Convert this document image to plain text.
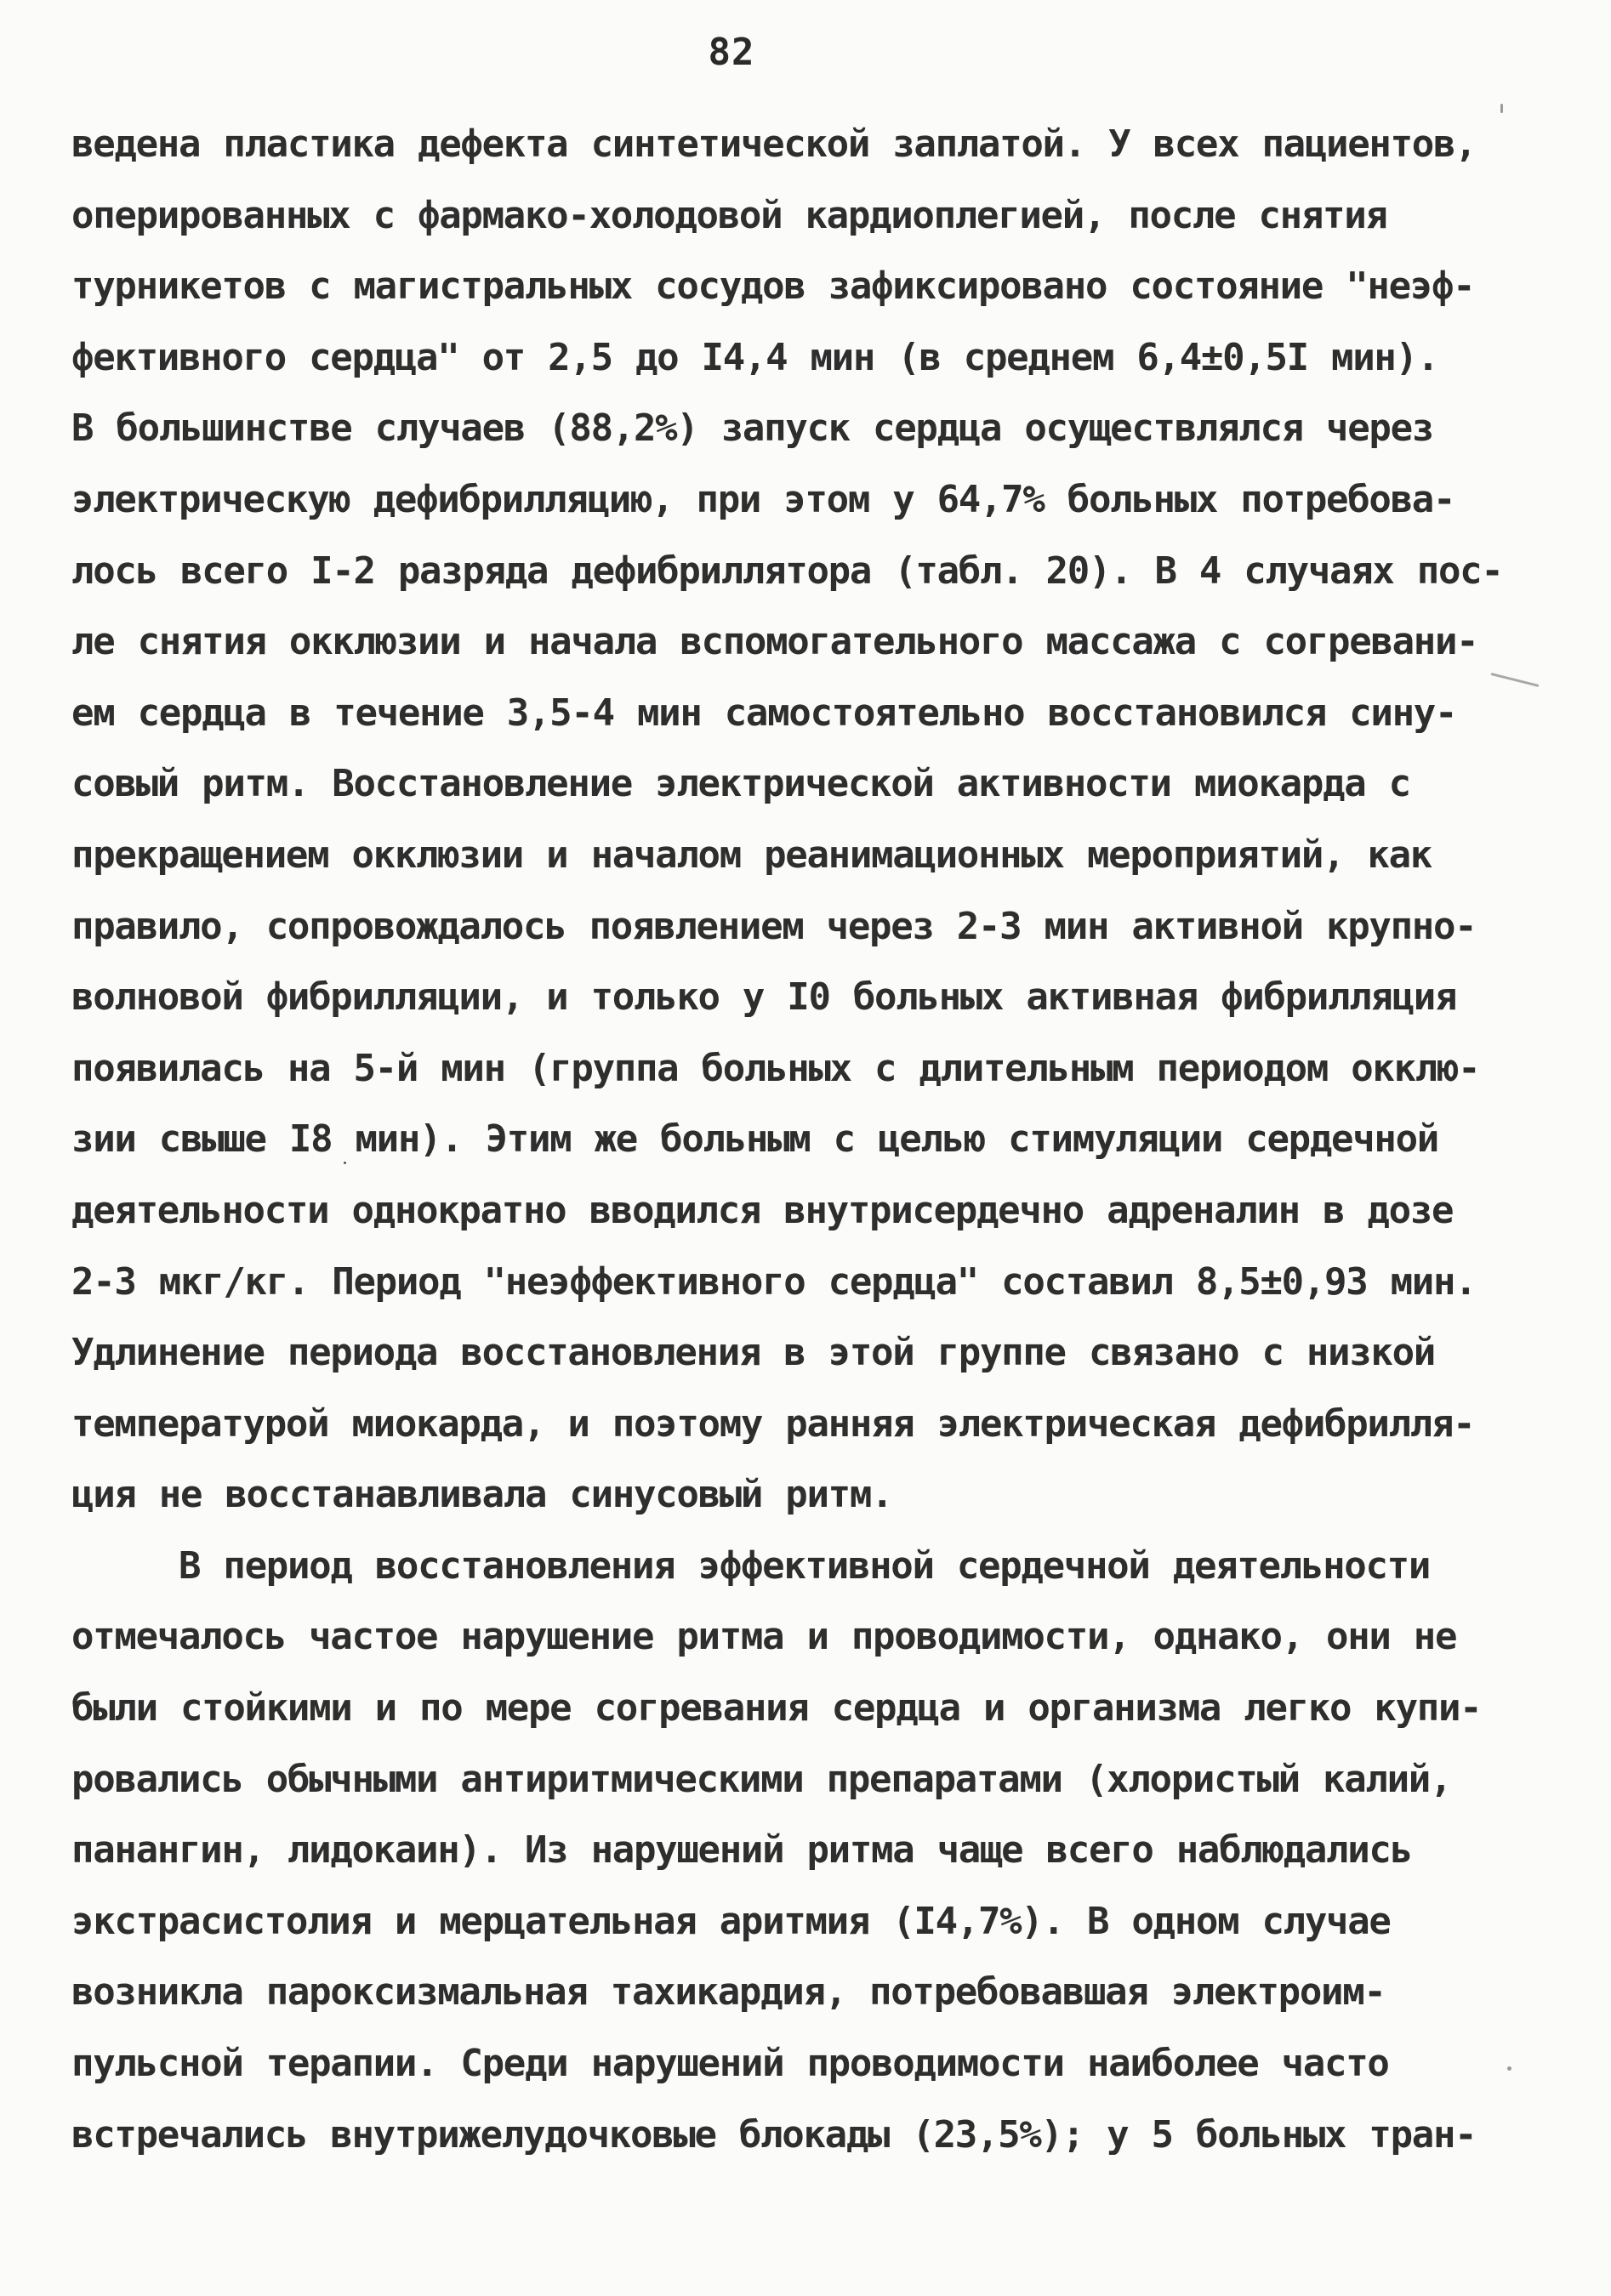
82
ведена пластика дефекта синтетической заплатой. У всех пациентов,
оперированных с фармако-холодовой кардиоплегией, после снятия
турникетов с магистральных сосудов зафиксировано состояние "неэф-
фективного сердца" от 2,5 до I4,4 мин (в среднем 6,4±0,5I мин).
В большинстве случаев (88,2%) запуск сердца осуществлялся через
электрическую дефибрилляцию, при этом у 64,7% больных потребова-
лось всего I-2 разряда дефибриллятора (табл. 20). В 4 случаях пос-
ле снятия окклюзии и начала вспомогательного массажа с согревани-
ем сердца в течение 3,5-4 мин самостоятельно восстановился сину-
совый ритм. Восстановление электрической активности миокарда с
прекращением окклюзии и началом реанимационных мероприятий, как
правило, сопровождалось появлением через 2-3 мин активной крупно-
волновой фибрилляции, и только у I0 больных активная фибрилляция
появилась на 5-й мин (группа больных с длительным периодом окклю-
зии свыше I8 мин). Этим же больным с целью стимуляции сердечной
деятельности однократно вводился внутрисердечно адреналин в дозе
2-3 мкг/кг. Период "неэффективного сердца" составил 8,5±0,93 мин.
Удлинение периода восстановления в этой группе связано с низкой
температурой миокарда, и поэтому ранняя электрическая дефибрилля-
ция не восстанавливала синусовый ритм.
В период восстановления эффективной сердечной деятельности
отмечалось частое нарушение ритма и проводимости, однако, они не
были стойкими и по мере согревания сердца и организма легко купи-
ровались обычными антиритмическими препаратами (хлористый калий,
панангин, лидокаин). Из нарушений ритма чаще всего наблюдались
экстрасистолия и мерцательная аритмия (I4,7%). В одном случае
возникла пароксизмальная тахикардия, потребовавшая электроим-
пульсной терапии. Среди нарушений проводимости наиболее часто
встречались внутрижелудочковые блокады (23,5%); у 5 больных тран-
